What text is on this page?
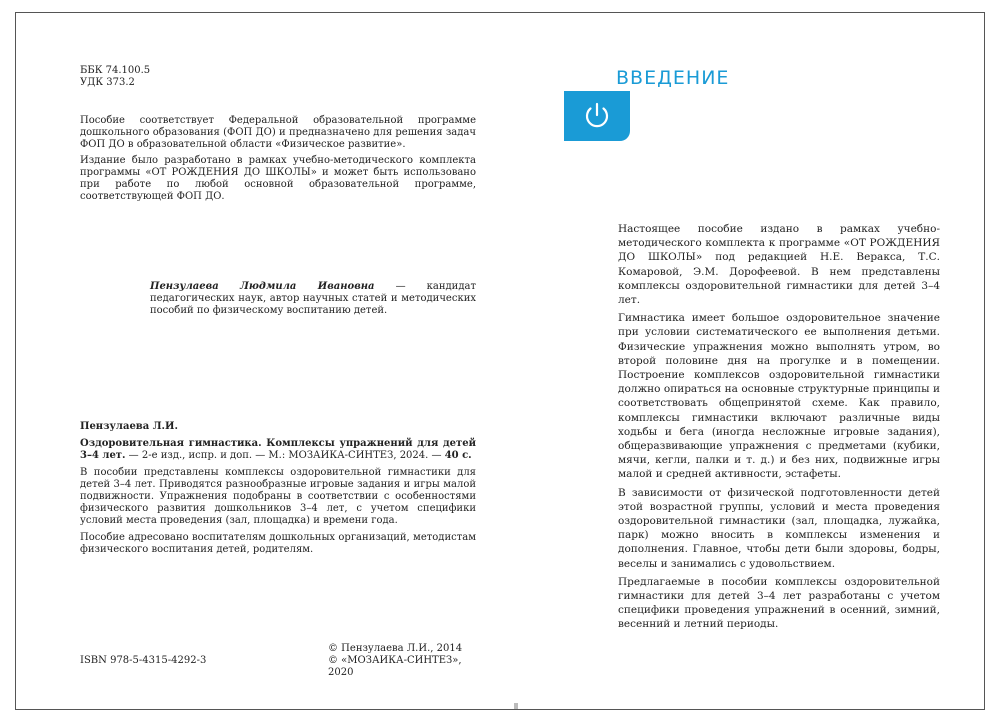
ББК 74.100.5
УДК 373.2

Пособие соответствует Федеральной образовательной программе дошкольного образования (ФОП ДО) и предназначено для решения задач ФОП ДО в образовательной области «Физическое развитие».

Издание было разработано в рамках учебно-методического комплекта программы «ОТ РОЖДЕНИЯ ДО ШКОЛЫ» и может быть использовано при работе по любой основной образовательной программе, соответствующей ФОП ДО.

Пензулаева Людмила Ивановна — кандидат педагогических наук, автор научных статей и методических пособий по физическому воспитанию детей.

Пензулаева Л.И.

Оздоровительная гимнастика. Комплексы упражнений для детей 3–4 лет. — 2-е изд., испр. и доп. — М.: МОЗАИКА-СИНТЕЗ, 2024. — 40 с.

В пособии представлены комплексы оздоровительной гимнастики для детей 3–4 лет. Приводятся разнообразные игровые задания и игры малой подвижности. Упражнения подобраны в соответствии с особенностями физического развития дошкольников 3–4 лет, с учетом специфики условий места проведения (зал, площадка) и времени года.

Пособие адресовано воспитателям дошкольных организаций, методистам физического воспитания детей, родителям.

ISBN 978-5-4315-4292-3
© Пензулаева Л.И., 2014
© «МОЗАИКА-СИНТЕЗ», 2020
ВВЕДЕНИЕ

Настоящее пособие издано в рамках учебно-методического комплекта к программе «ОТ РОЖДЕНИЯ ДО ШКОЛЫ» под редакцией Н.Е. Веракса, Т.С. Комаровой, Э.М. Дорофеевой. В нем представлены комплексы оздоровительной гимнастики для детей 3–4 лет.

Гимнастика имеет большое оздоровительное значение при условии систематического ее выполнения детьми. Физические упражнения можно выполнять утром, во второй половине дня на прогулке и в помещении. Построение комплексов оздоровительной гимнастики должно опираться на основные структурные принципы и соответствовать общепринятой схеме. Как правило, комплексы гимнастики включают различные виды ходьбы и бега (иногда несложные игровые задания), общеразвивающие упражнения с предметами (кубики, мячи, кегли, палки и т. д.) и без них, подвижные игры малой и средней активности, эстафеты.

В зависимости от физической подготовленности детей этой возрастной группы, условий и места проведения оздоровительной гимнастики (зал, площадка, лужайка, парк) можно вносить в комплексы изменения и дополнения. Главное, чтобы дети были здоровы, бодры, веселы и занимались с удовольствием.

Предлагаемые в пособии комплексы оздоровительной гимнастики для детей 3–4 лет разработаны с учетом специфики проведения упражнений в осенний, зимний, весенний и летний периоды.
